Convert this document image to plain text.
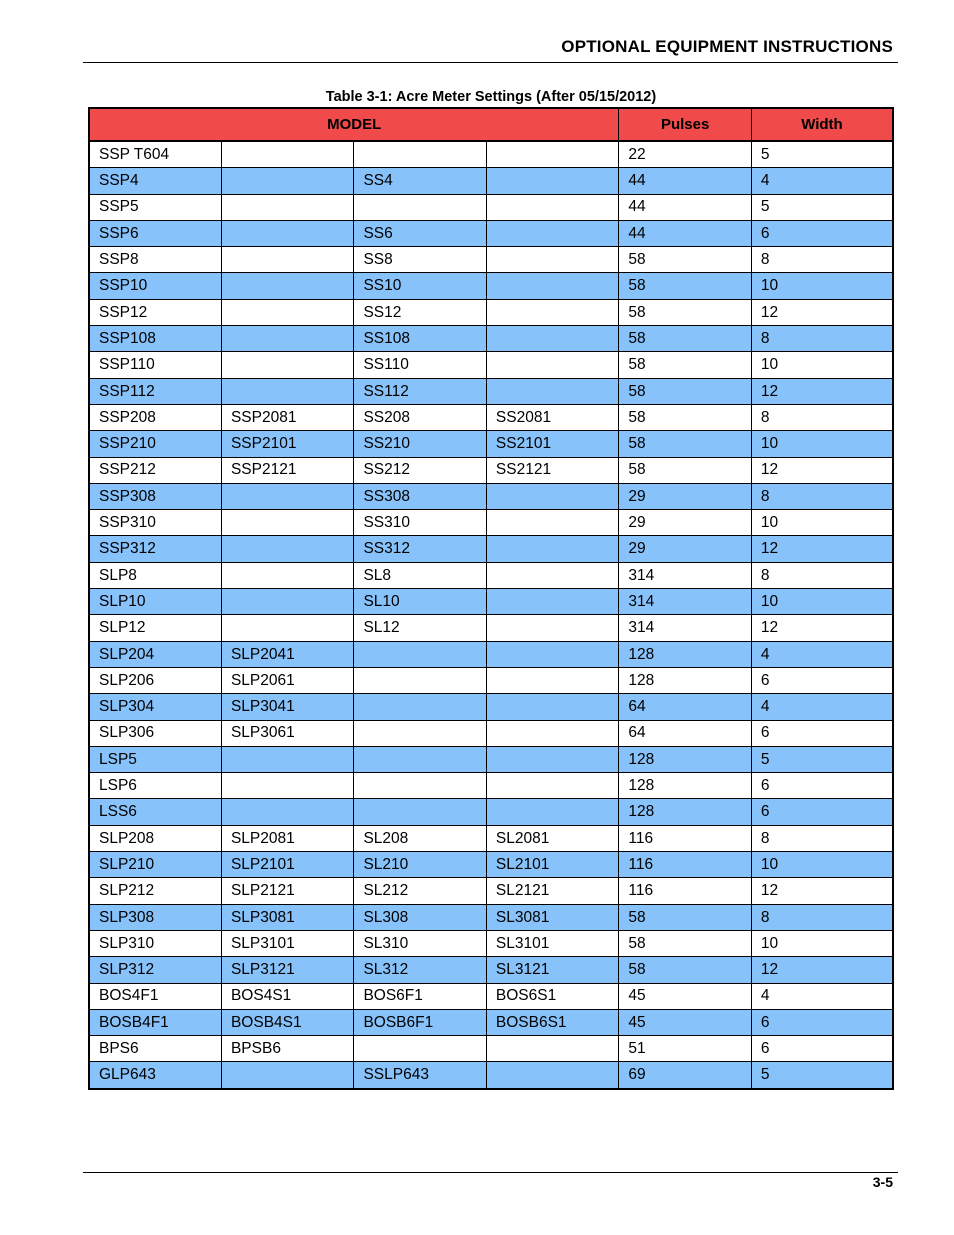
OPTIONAL EQUIPMENT INSTRUCTIONS
Table 3-1: Acre Meter Settings (After 05/15/2012)
MODEL				Pulses	Width
SSP T604				22	5
SSP4		SS4		44	4
SSP5				44	5
SSP6		SS6		44	6
SSP8		SS8		58	8
SSP10		SS10		58	10
SSP12		SS12		58	12
SSP108		SS108		58	8
SSP110		SS110		58	10
SSP112		SS112		58	12
SSP208	SSP2081	SS208	SS2081	58	8
SSP210	SSP2101	SS210	SS2101	58	10
SSP212	SSP2121	SS212	SS2121	58	12
SSP308		SS308		29	8
SSP310		SS310		29	10
SSP312		SS312		29	12
SLP8		SL8		314	8
SLP10		SL10		314	10
SLP12		SL12		314	12
SLP204	SLP2041			128	4
SLP206	SLP2061			128	6
SLP304	SLP3041			64	4
SLP306	SLP3061			64	6
LSP5				128	5
LSP6				128	6
LSS6				128	6
SLP208	SLP2081	SL208	SL2081	116	8
SLP210	SLP2101	SL210	SL2101	116	10
SLP212	SLP2121	SL212	SL2121	116	12
SLP308	SLP3081	SL308	SL3081	58	8
SLP310	SLP3101	SL310	SL3101	58	10
SLP312	SLP3121	SL312	SL3121	58	12
BOS4F1	BOS4S1	BOS6F1	BOS6S1	45	4
BOSB4F1	BOSB4S1	BOSB6F1	BOSB6S1	45	6
BPS6	BPSB6			51	6
GLP643		SSLP643		69	5
3-5
